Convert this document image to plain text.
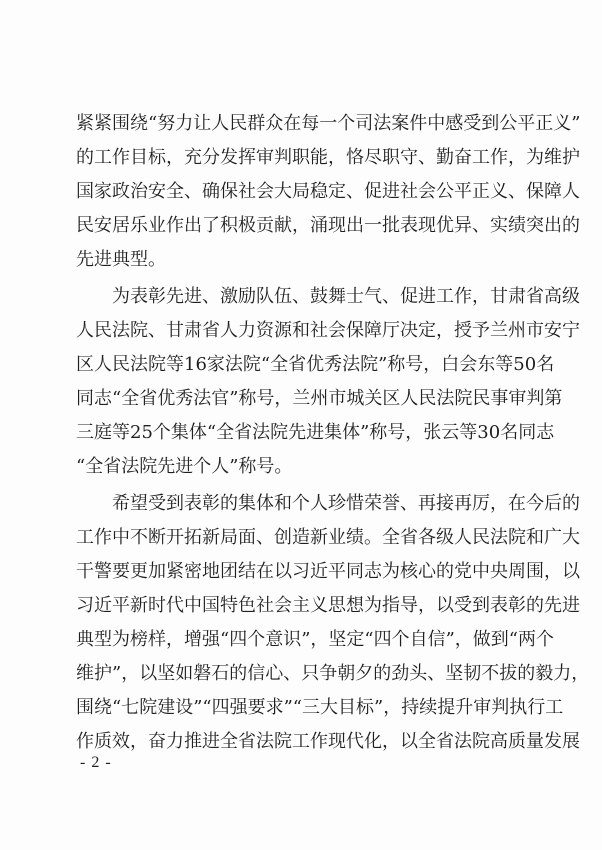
紧紧围绕“努力让人民群众在每一个司法案件中感受到公平正义”
的工作目标，充分发挥审判职能，恪尽职守、勤奋工作，为维护
国家政治安全、确保社会大局稳定、促进社会公平正义、保障人
民安居乐业作出了积极贡献，涌现出一批表现优异、实绩突出的
先进典型。
为表彰先进、激励队伍、鼓舞士气、促进工作，甘肃省高级
人民法院、甘肃省人力资源和社会保障厅决定，授予兰州市安宁
区人民法院等16家法院“全省优秀法院”称号，白会东等50名
同志“全省优秀法官”称号，兰州市城关区人民法院民事审判第
三庭等25个集体“全省法院先进集体”称号，张云等30名同志
“全省法院先进个人”称号。
希望受到表彰的集体和个人珍惜荣誉、再接再厉，在今后的
工作中不断开拓新局面、创造新业绩。全省各级人民法院和广大
干警要更加紧密地团结在以习近平同志为核心的党中央周围，以
习近平新时代中国特色社会主义思想为指导，以受到表彰的先进
典型为榜样，增强“四个意识”，坚定“四个自信”，做到“两个
维护”，以坚如磐石的信心、只争朝夕的劲头、坚韧不拔的毅力，
围绕“七院建设”“四强要求”“三大目标”，持续提升审判执行工
作质效，奋力推进全省法院工作现代化，以全省法院高质量发展
- 2 -
